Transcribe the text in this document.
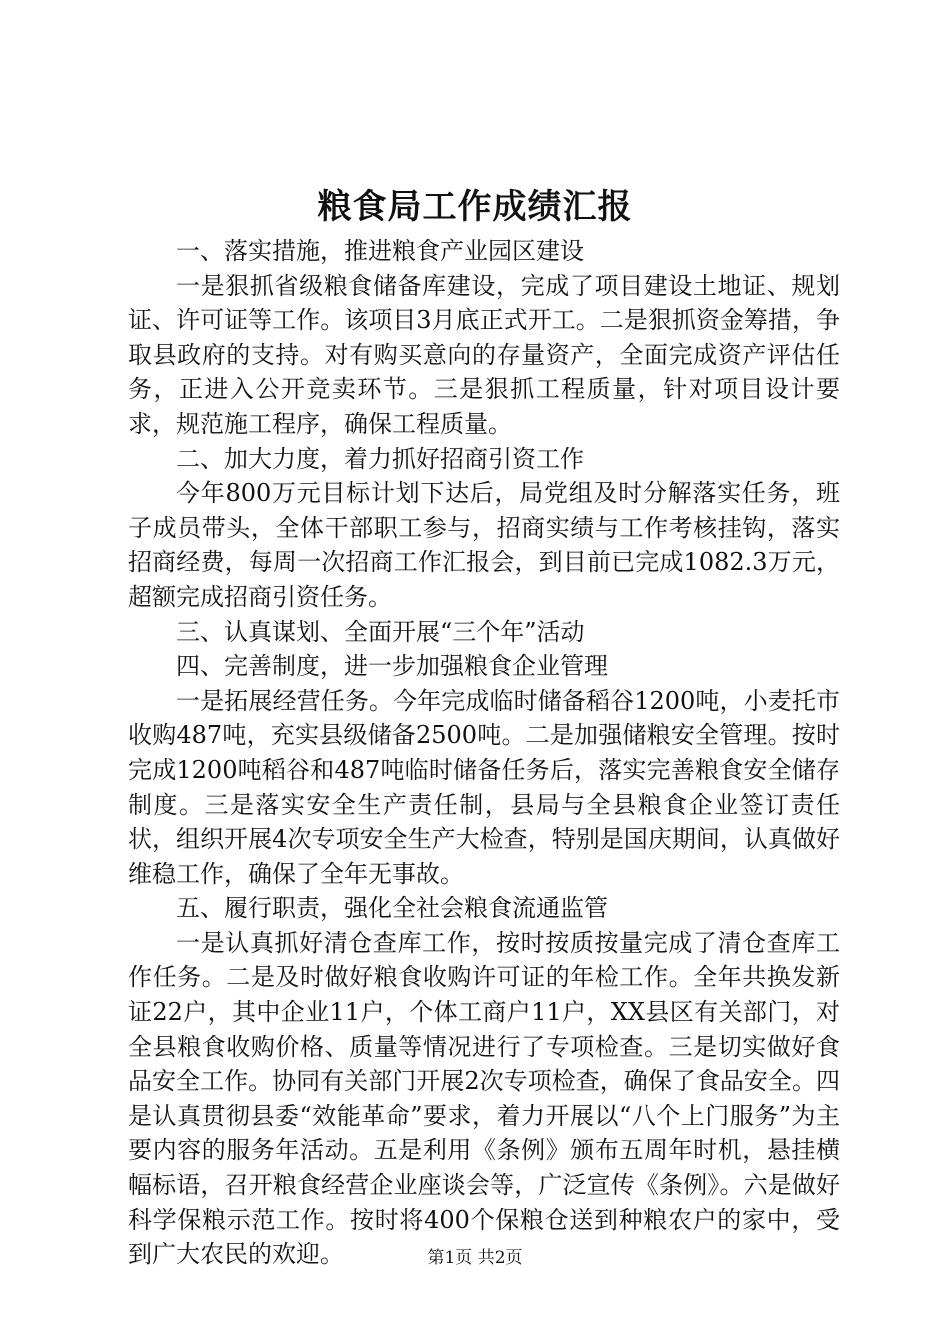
粮食局工作成绩汇报

一、落实措施，推进粮食产业园区建设

一是狠抓省级粮食储备库建设，完成了项目建设土地证、规划证、许可证等工作。该项目3月底正式开工。二是狠抓资金筹措，争取县政府的支持。对有购买意向的存量资产，全面完成资产评估任务，正进入公开竞卖环节。三是狠抓工程质量，针对项目设计要求，规范施工程序，确保工程质量。

二、加大力度，着力抓好招商引资工作

今年800万元目标计划下达后，局党组及时分解落实任务，班子成员带头，全体干部职工参与，招商实绩与工作考核挂钩，落实招商经费，每周一次招商工作汇报会，到目前已完成1082.3万元，超额完成招商引资任务。

三、认真谋划、全面开展“三个年”活动

四、完善制度，进一步加强粮食企业管理

一是拓展经营任务。今年完成临时储备稻谷1200吨，小麦托市收购487吨，充实县级储备2500吨。二是加强储粮安全管理。按时完成1200吨稻谷和487吨临时储备任务后，落实完善粮食安全储存制度。三是落实安全生产责任制，县局与全县粮食企业签订责任状，组织开展4次专项安全生产大检查，特别是国庆期间，认真做好维稳工作，确保了全年无事故。

五、履行职责，强化全社会粮食流通监管

一是认真抓好清仓查库工作，按时按质按量完成了清仓查库工作任务。二是及时做好粮食收购许可证的年检工作。全年共换发新证22户，其中企业11户，个体工商户11户，XX县区有关部门，对全县粮食收购价格、质量等情况进行了专项检查。三是切实做好食品安全工作。协同有关部门开展2次专项检查，确保了食品安全。四是认真贯彻县委“效能革命”要求，着力开展以“八个上门服务”为主要内容的服务年活动。五是利用《条例》颁布五周年时机，悬挂横幅标语，召开粮食经营企业座谈会等，广泛宣传《条例》。六是做好科学保粮示范工作。按时将400个保粮仓送到种粮农户的家中，受到广大农民的欢迎。	第1页 共2页
